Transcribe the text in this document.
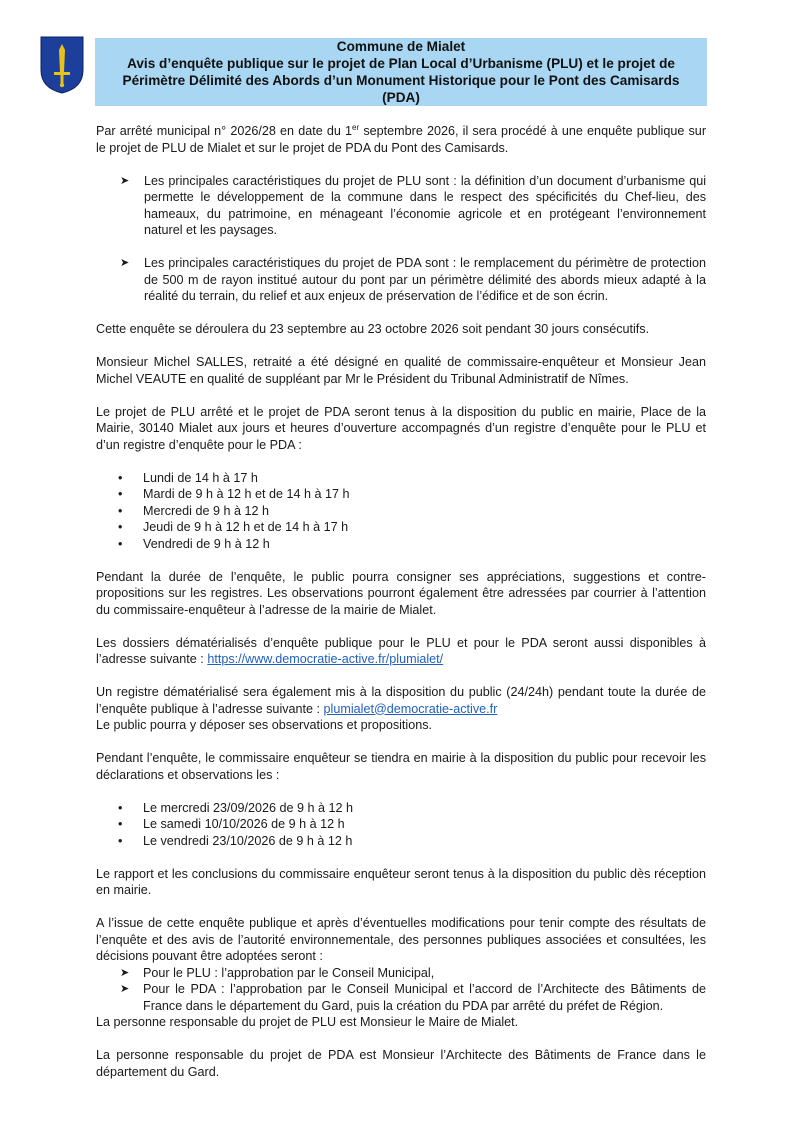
Commune de Mialet
Avis d’enquête publique sur le projet de Plan Local d’Urbanisme (PLU) et le projet de
Périmètre Délimité des Abords d’un Monument Historique pour le Pont des Camisards
(PDA)

Par arrêté municipal n° 2026/28 en date du 1er septembre 2026, il sera procédé à une enquête publique sur le projet de PLU de Mialet et sur le projet de PDA du Pont des Camisards.

➤ Les principales caractéristiques du projet de PLU sont : la définition d’un document d’urbanisme qui permette le développement de la commune dans le respect des spécificités du Chef-lieu, des hameaux, du patrimoine, en ménageant l’économie agricole et en protégeant l’environnement naturel et les paysages.
➤ Les principales caractéristiques du projet de PDA sont : le remplacement du périmètre de protection de 500 m de rayon institué autour du pont par un périmètre délimité des abords mieux adapté à la réalité du terrain, du relief et aux enjeux de préservation de l’édifice et de son écrin.

Cette enquête se déroulera du 23 septembre au 23 octobre 2026 soit pendant 30 jours consécutifs.

Monsieur Michel SALLES, retraité a été désigné en qualité de commissaire-enquêteur et Monsieur Jean Michel VEAUTE en qualité de suppléant par Mr le Président du Tribunal Administratif de Nîmes.

Le projet de PLU arrêté et le projet de PDA seront tenus à la disposition du public en mairie, Place de la Mairie, 30140 Mialet aux jours et heures d’ouverture accompagnés d’un registre d’enquête pour le PLU et d’un registre d’enquête pour le PDA :

• Lundi de 14 h à 17 h
• Mardi de 9 h à 12 h et de 14 h à 17 h
• Mercredi de 9 h à 12 h
• Jeudi de 9 h à 12 h et de 14 h à 17 h
• Vendredi de 9 h à 12 h

Pendant la durée de l’enquête, le public pourra consigner ses appréciations, suggestions et contre-propositions sur les registres. Les observations pourront également être adressées par courrier à l’attention du commissaire-enquêteur à l’adresse de la mairie de Mialet.

Les dossiers dématérialisés d’enquête publique pour le PLU et pour le PDA seront aussi disponibles à l’adresse suivante : https://www.democratie-active.fr/plumialet/

Un registre dématérialisé sera également mis à la disposition du public (24/24h) pendant toute la durée de l’enquête publique à l’adresse suivante : plumialet@democratie-active.fr

Le public pourra y déposer ses observations et propositions.

Pendant l’enquête, le commissaire enquêteur se tiendra en mairie à la disposition du public pour recevoir les déclarations et observations les :

• Le mercredi 23/09/2026 de 9 h à 12 h
• Le samedi 10/10/2026 de 9 h à 12 h
• Le vendredi 23/10/2026 de 9 h à 12 h

Le rapport et les conclusions du commissaire enquêteur seront tenus à la disposition du public dès réception en mairie.

A l’issue de cette enquête publique et après d’éventuelles modifications pour tenir compte des résultats de l’enquête et des avis de l’autorité environnementale, des personnes publiques associées et consultées, les décisions pouvant être adoptées seront :

➤ Pour le PLU : l’approbation par le Conseil Municipal,
➤ Pour le PDA : l’approbation par le Conseil Municipal et l’accord de l’Architecte des Bâtiments de France dans le département du Gard, puis la création du PDA par arrêté du préfet de Région.

La personne responsable du projet de PLU est Monsieur le Maire de Mialet.

La personne responsable du projet de PDA est Monsieur l’Architecte des Bâtiments de France dans le département du Gard.
